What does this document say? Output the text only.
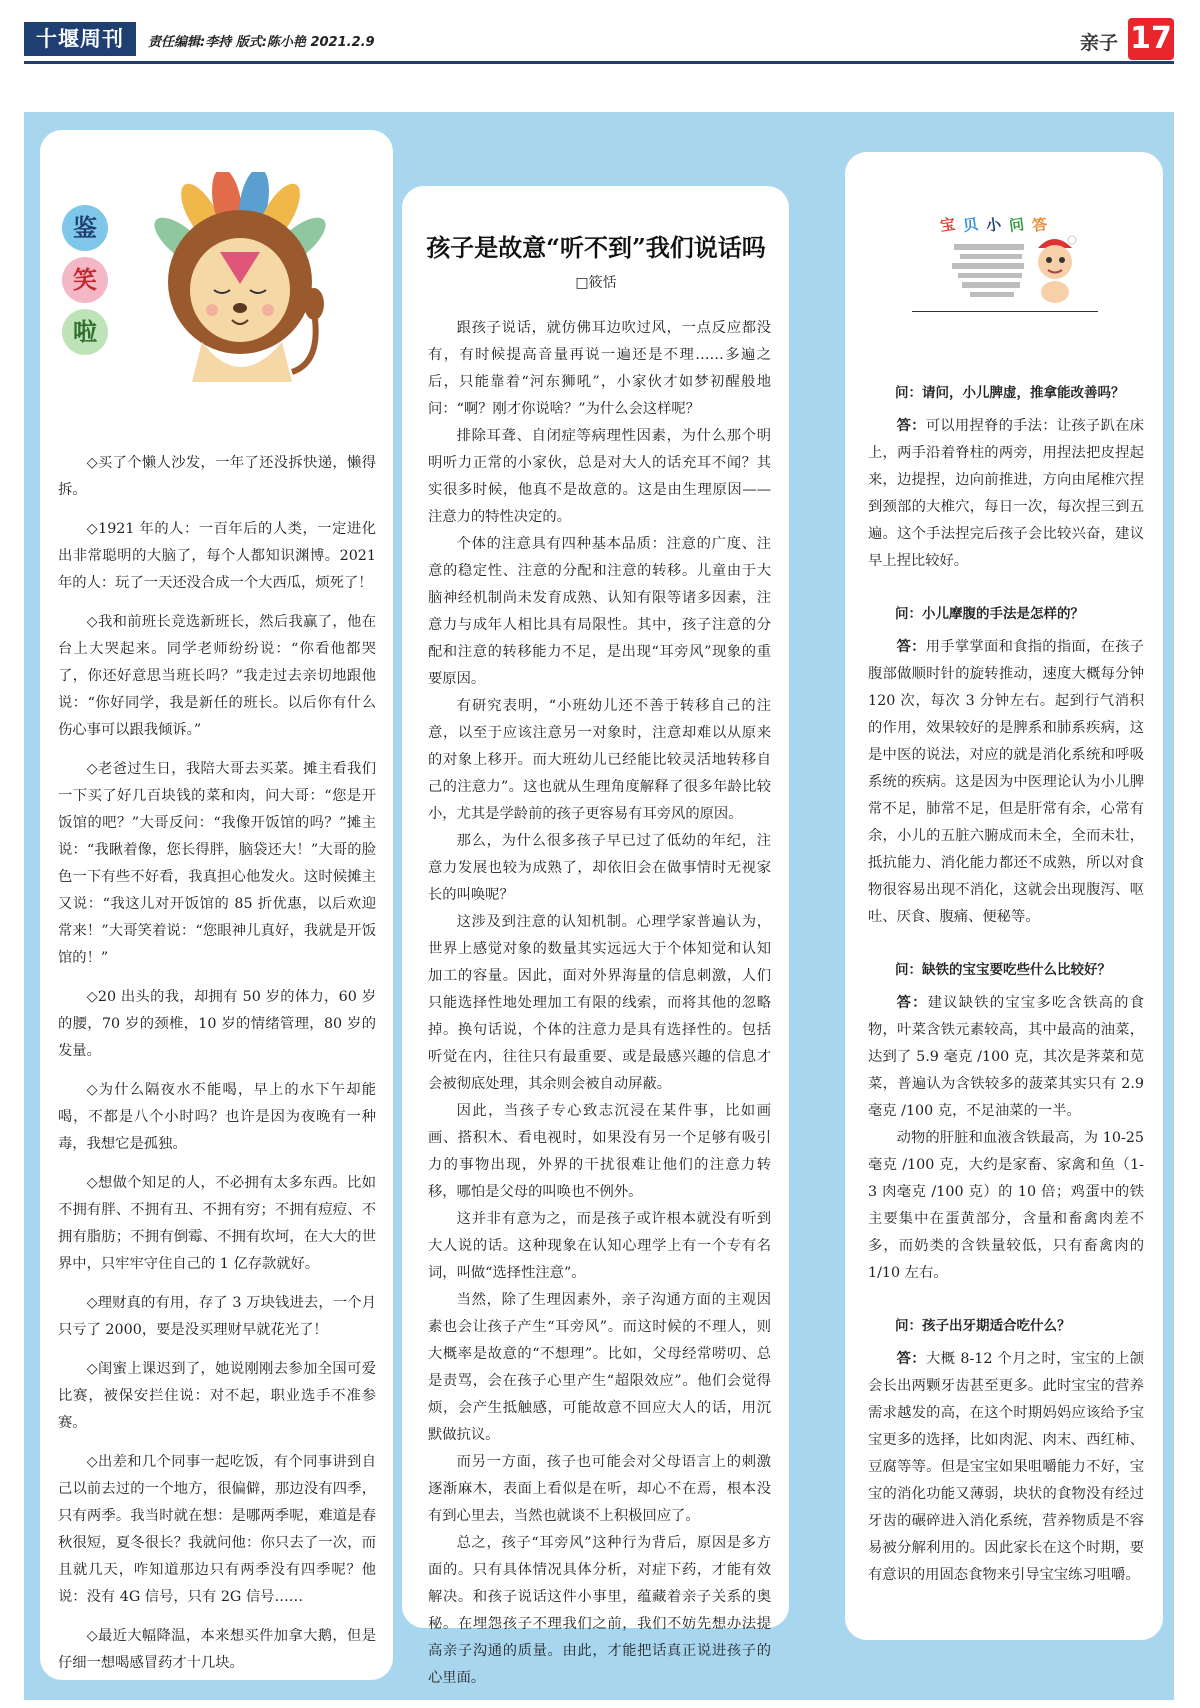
十堰周刊	责任编辑:李持 版式:陈小艳 2021.2.9	亲子 17
鉴
笑
啦

◇买了个懒人沙发，一年了还没拆快递，懒得拆。

◇1921 年的人：一百年后的人类，一定进化出非常聪明的大脑了，每个人都知识渊博。2021 年的人：玩了一天还没合成一个大西瓜，烦死了！

◇我和前班长竞选新班长，然后我赢了，他在台上大哭起来。同学老师纷纷说：“你看他都哭了，你还好意思当班长吗？”我走过去亲切地跟他说：“你好同学，我是新任的班长。以后你有什么伤心事可以跟我倾诉。”

◇老爸过生日，我陪大哥去买菜。摊主看我们一下买了好几百块钱的菜和肉，问大哥：“您是开饭馆的吧？”大哥反问：“我像开饭馆的吗？”摊主说：“我瞅着像，您长得胖，脑袋还大！”大哥的脸色一下有些不好看，我真担心他发火。这时候摊主又说：“我这儿对开饭馆的 85 折优惠，以后欢迎常来！”大哥笑着说：“您眼神儿真好，我就是开饭馆的！”

◇20 出头的我，却拥有 50 岁的体力，60 岁的腰，70 岁的颈椎，10 岁的情绪管理，80 岁的发量。

◇为什么隔夜水不能喝，早上的水下午却能喝，不都是八个小时吗？也许是因为夜晚有一种毒，我想它是孤独。

◇想做个知足的人，不必拥有太多东西。比如不拥有胖、不拥有丑、不拥有穷；不拥有痘痘、不拥有脂肪；不拥有倒霉、不拥有坎坷，在大大的世界中，只牢牢守住自己的 1 亿存款就好。

◇理财真的有用，存了 3 万块钱进去，一个月只亏了 2000，要是没买理财早就花光了！

◇闺蜜上课迟到了，她说刚刚去参加全国可爱比赛，被保安拦住说：对不起，职业选手不准参赛。

◇出差和几个同事一起吃饭，有个同事讲到自己以前去过的一个地方，很偏僻，那边没有四季，只有两季。我当时就在想：是哪两季呢，难道是春秋很短，夏冬很长？我就问他：你只去了一次，而且就几天，咋知道那边只有两季没有四季呢？他说：没有 4G 信号，只有 2G 信号……

◇最近大幅降温，本来想买件加拿大鹅，但是仔细一想喝感冒药才十几块。

孩子是故意“听不到”我们说话吗
□筱恬

跟孩子说话，就仿佛耳边吹过风，一点反应都没有，有时候提高音量再说一遍还是不理……多遍之后，只能靠着“河东狮吼”，小家伙才如梦初醒般地问：“啊？刚才你说啥？”为什么会这样呢？

排除耳聋、自闭症等病理性因素，为什么那个明明听力正常的小家伙，总是对大人的话充耳不闻？其实很多时候，他真不是故意的。这是由生理原因——注意力的特性决定的。

个体的注意具有四种基本品质：注意的广度、注意的稳定性、注意的分配和注意的转移。儿童由于大脑神经机制尚未发育成熟、认知有限等诸多因素，注意力与成年人相比具有局限性。其中，孩子注意的分配和注意的转移能力不足，是出现“耳旁风”现象的重要原因。

有研究表明，“小班幼儿还不善于转移自己的注意，以至于应该注意另一对象时，注意却难以从原来的对象上移开。而大班幼儿已经能比较灵活地转移自己的注意力”。这也就从生理角度解释了很多年龄比较小，尤其是学龄前的孩子更容易有耳旁风的原因。

那么，为什么很多孩子早已过了低幼的年纪，注意力发展也较为成熟了，却依旧会在做事情时无视家长的叫唤呢？

这涉及到注意的认知机制。心理学家普遍认为，世界上感觉对象的数量其实远远大于个体知觉和认知加工的容量。因此，面对外界海量的信息刺激，人们只能选择性地处理加工有限的线索，而将其他的忽略掉。换句话说，个体的注意力是具有选择性的。包括听觉在内，往往只有最重要、或是最感兴趣的信息才会被彻底处理，其余则会被自动屏蔽。

因此，当孩子专心致志沉浸在某件事，比如画画、搭积木、看电视时，如果没有另一个足够有吸引力的事物出现，外界的干扰很难让他们的注意力转移，哪怕是父母的叫唤也不例外。

这并非有意为之，而是孩子或许根本就没有听到大人说的话。这种现象在认知心理学上有一个专有名词，叫做“选择性注意”。

当然，除了生理因素外，亲子沟通方面的主观因素也会让孩子产生“耳旁风”。而这时候的不理人，则大概率是故意的“不想理”。比如，父母经常唠叨、总是责骂，会在孩子心里产生“超限效应”。他们会觉得烦，会产生抵触感，可能故意不回应大人的话，用沉默做抗议。

而另一方面，孩子也可能会对父母语言上的刺激逐渐麻木，表面上看似是在听，却心不在焉，根本没有到心里去，当然也就谈不上积极回应了。

总之，孩子“耳旁风”这种行为背后，原因是多方面的。只有具体情况具体分析，对症下药，才能有效解决。和孩子说话这件小事里，蕴藏着亲子关系的奥秘。在埋怨孩子不理我们之前，我们不妨先想办法提高亲子沟通的质量。由此，才能把话真正说进孩子的心里面。

宝 贝 小 问 答

问：请问，小儿脾虚，推拿能改善吗？

答：可以用捏脊的手法：让孩子趴在床上，两手沿着脊柱的两旁，用捏法把皮捏起来，边提捏，边向前推进，方向由尾椎穴捏到颈部的大椎穴，每日一次，每次捏三到五遍。这个手法捏完后孩子会比较兴奋，建议早上捏比较好。

问：小儿摩腹的手法是怎样的？

答：用手掌掌面和食指的指面，在孩子腹部做顺时针的旋转推动，速度大概每分钟 120 次，每次 3 分钟左右。起到行气消积的作用，效果较好的是脾系和肺系疾病，这是中医的说法，对应的就是消化系统和呼吸系统的疾病。这是因为中医理论认为小儿脾常不足，肺常不足，但是肝常有余，心常有余，小儿的五脏六腑成而未全，全而未壮，抵抗能力、消化能力都还不成熟，所以对食物很容易出现不消化，这就会出现腹泻、呕吐、厌食、腹痛、便秘等。

问：缺铁的宝宝要吃些什么比较好？

答：建议缺铁的宝宝多吃含铁高的食物，叶菜含铁元素较高，其中最高的油菜，达到了 5.9 毫克 /100 克，其次是荠菜和苋菜，普遍认为含铁较多的菠菜其实只有 2.9 毫克 /100 克，不足油菜的一半。

动物的肝脏和血液含铁最高，为 10-25 毫克 /100 克，大约是家畜、家禽和鱼（1-3 肉毫克 /100 克）的 10 倍；鸡蛋中的铁主要集中在蛋黄部分，含量和畜禽肉差不多，而奶类的含铁量较低，只有畜禽肉的 1/10 左右。

问：孩子出牙期适合吃什么？

答：大概 8-12 个月之时，宝宝的上颌会长出两颗牙齿甚至更多。此时宝宝的营养需求越发的高，在这个时期妈妈应该给予宝宝更多的选择，比如肉泥、肉末、西红柿、豆腐等等。但是宝宝如果咀嚼能力不好，宝宝的消化功能又薄弱，块状的食物没有经过牙齿的碾碎进入消化系统，营养物质是不容易被分解利用的。因此家长在这个时期，要有意识的用固态食物来引导宝宝练习咀嚼。
